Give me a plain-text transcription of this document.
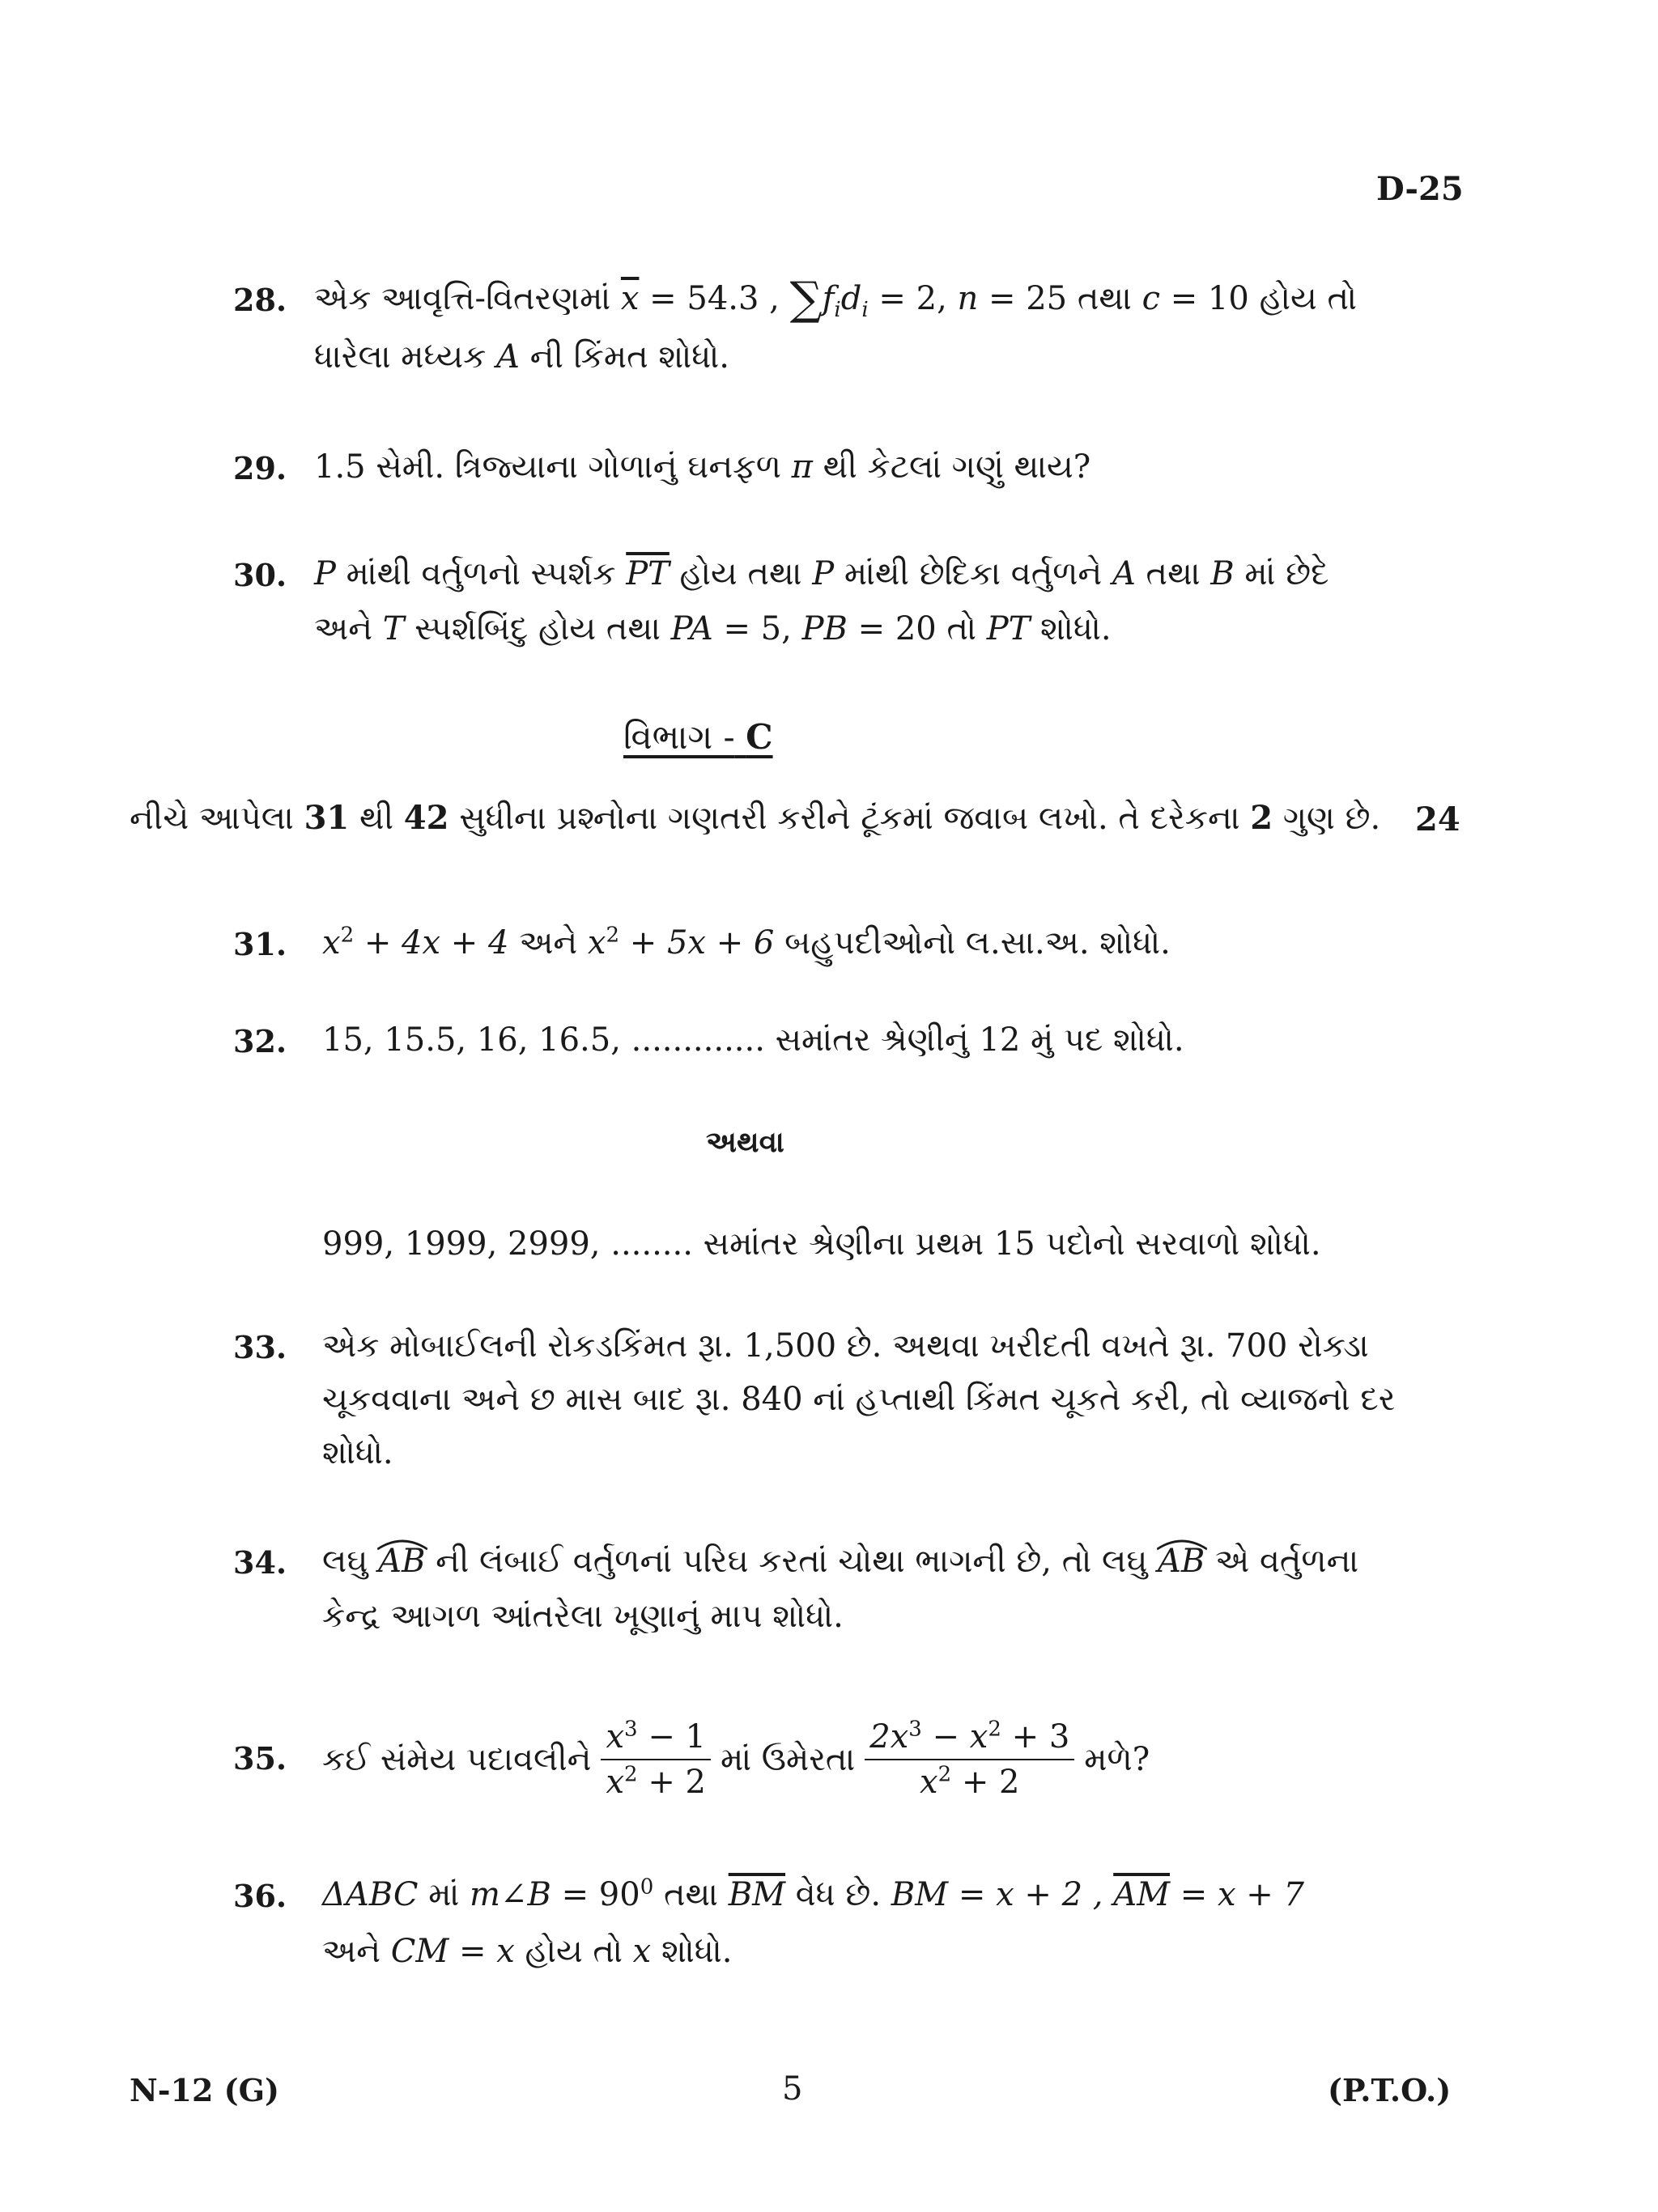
D-25
28. એક આવૃત્તિ-વિતરણમાં $\overline{x} = 54.3$ , $\sum f_id_i = 2$, n = 25 તથા c = 10 હોય તો
ધારેલા મધ્યક A ની કિંમત શોધો.
29. 1.5 સેમી. ત્રિજ્યાના ગોળાનું ઘનફળ π થી કેટલાં ગણું થાય?
30. P માંથી વર્તુળનો સ્પર્શક $\overline{PT}$ હોય તથા P માંથી છેદિકા વર્તુળને A તથા B માં છેદે
અને T સ્પર્શબિંદુ હોય તથા PA = 5, PB = 20 તો PT શોધો.
વિભાગ - C
નીચે આપેલા 31 થી 42 સુધીના પ્રશ્નોના ગણતરી કરીને ટૂંકમાં જવાબ લખો. તે દરેકના 2 ગુણ છે. 24
31. $x^2 + 4x + 4$ અને $x^2 + 5x + 6$ બહુપદીઓનો લ.સા.અ. શોધો.
32. 15, 15.5, 16, 16.5, ............. સમાંતર શ્રેણીનું 12 મું પદ શોધો.
અથવા
999, 1999, 2999, ........ સમાંતર શ્રેણીના પ્રથમ 15 પદોનો સરવાળો શોધો.
33. એક મોબાઈલની રોકડકિંમત રૂા. 1,500 છે. અથવા ખરીદતી વખતે રૂા. 700 રોક્ડા
ચૂકવવાના અને છ માસ બાદ રૂા. 840 નાં હપ્તાથી કિંમત ચૂકતે કરી, તો વ્યાજનો દર
શોધો.
34. લઘુ AB ની લંબાઈ વર્તુળનાં પરિઘ કરતાં ચોથા ભાગની છે, તો લઘુ AB એ વર્તુળના
કેન્દ્ર આગળ આંતરેલા ખૂણાનું માપ શોધો.
35. કઈ સંમેય પદાવલીને $\frac{x^3 - 1}{x^2 + 2}$ માં ઉમેરતા $\frac{2x^3 - x^2 + 3}{x^2 + 2}$ મળે?
36. ΔABC માં m∠B = $90^0$ તથા $\overline{BM}$ વેધ છે. BM = x + 2 , $\overline{AM} = x + 7$
અને CM = x હોય તો x શોધો.
N-12 (G)	5	(P.T.O.)
